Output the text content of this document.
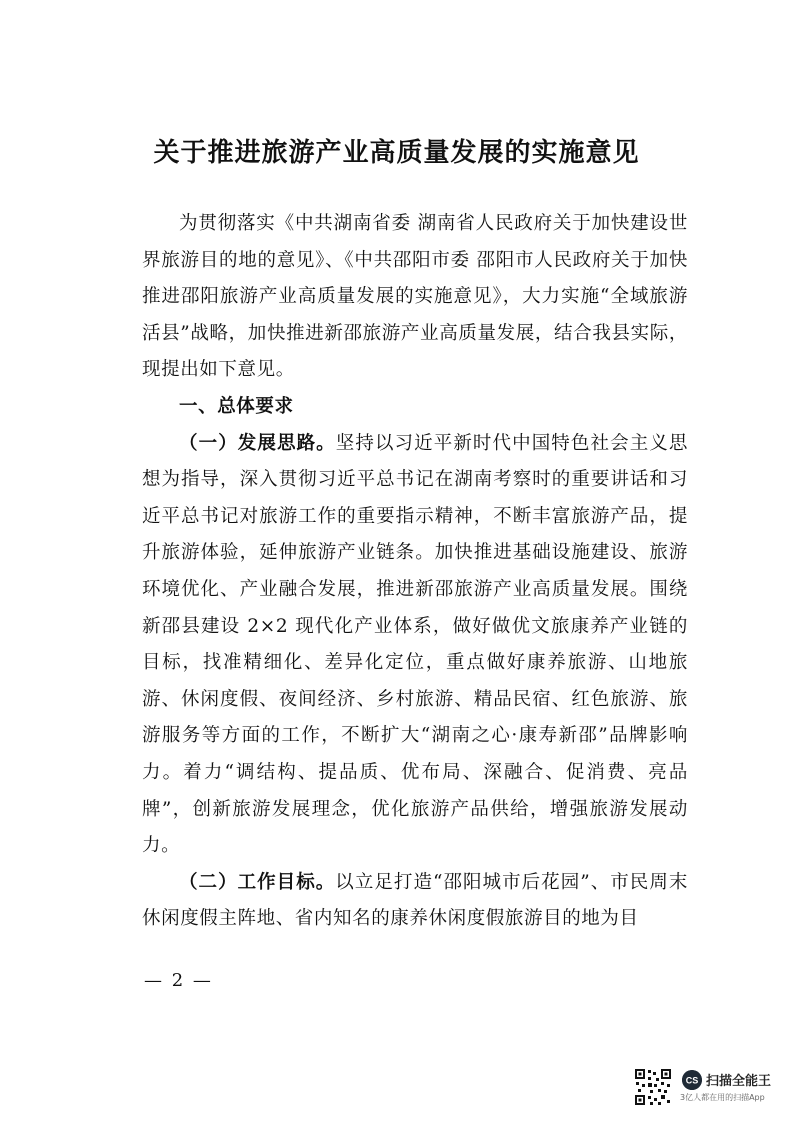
关于推进旅游产业高质量发展的实施意见

为贯彻落实《中共湖南省委 湖南省人民政府关于加快建设世界旅游目的地的意见》、《中共邵阳市委 邵阳市人民政府关于加快推进邵阳旅游产业高质量发展的实施意见》，大力实施“全域旅游活县”战略，加快推进新邵旅游产业高质量发展，结合我县实际，现提出如下意见。

一、总体要求

（一）发展思路。坚持以习近平新时代中国特色社会主义思想为指导，深入贯彻习近平总书记在湖南考察时的重要讲话和习近平总书记对旅游工作的重要指示精神，不断丰富旅游产品，提升旅游体验，延伸旅游产业链条。加快推进基础设施建设、旅游环境优化、产业融合发展，推进新邵旅游产业高质量发展。围绕新邵县建设 2×2 现代化产业体系，做好做优文旅康养产业链的目标，找准精细化、差异化定位，重点做好康养旅游、山地旅游、休闲度假、夜间经济、乡村旅游、精品民宿、红色旅游、旅游服务等方面的工作，不断扩大“湖南之心·康寿新邵”品牌影响力。着力“调结构、提品质、优布局、深融合、促消费、亮品牌”，创新旅游发展理念，优化旅游产品供给，增强旅游发展动力。

（二）工作目标。以立足打造“邵阳城市后花园”、市民周末休闲度假主阵地、省内知名的康养休闲度假旅游目的地为目

— 2 —
CS 扫描全能王
3亿人都在用的扫描App
